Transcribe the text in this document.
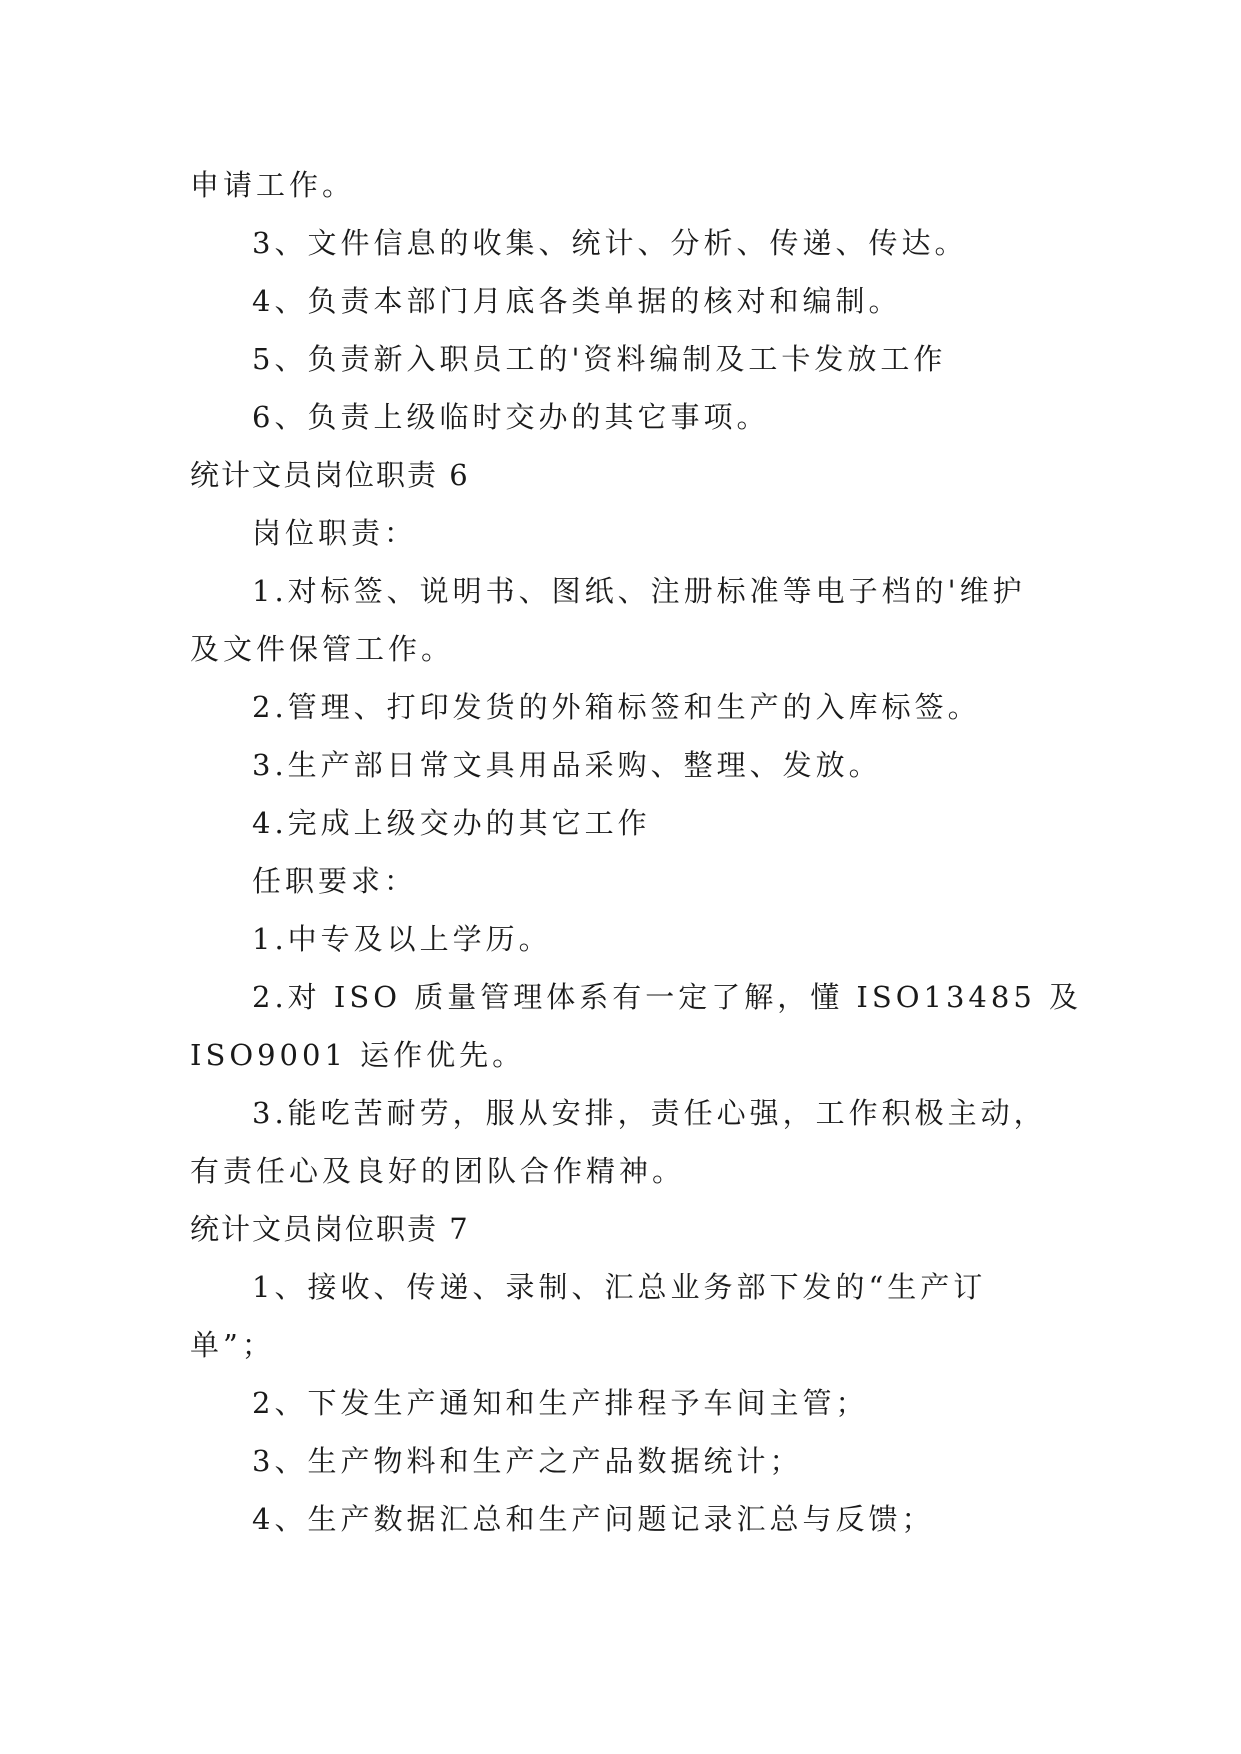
申请工作。
3、文件信息的收集、统计、分析、传递、传达。
4、负责本部门月底各类单据的核对和编制。
5、负责新入职员工的'资料编制及工卡发放工作
6、负责上级临时交办的其它事项。
统计文员岗位职责 6
岗位职责：
1.对标签、说明书、图纸、注册标准等电子档的'维护
及文件保管工作。
2.管理、打印发货的外箱标签和生产的入库标签。
3.生产部日常文具用品采购、整理、发放。
4.完成上级交办的其它工作
任职要求：
1.中专及以上学历。
2.对 ISO 质量管理体系有一定了解，懂 ISO13485 及
ISO9001 运作优先。
3.能吃苦耐劳，服从安排，责任心强，工作积极主动，
有责任心及良好的团队合作精神。
统计文员岗位职责 7
1、接收、传递、录制、汇总业务部下发的“生产订
单”；
2、下发生产通知和生产排程予车间主管；
3、生产物料和生产之产品数据统计；
4、生产数据汇总和生产问题记录汇总与反馈；
